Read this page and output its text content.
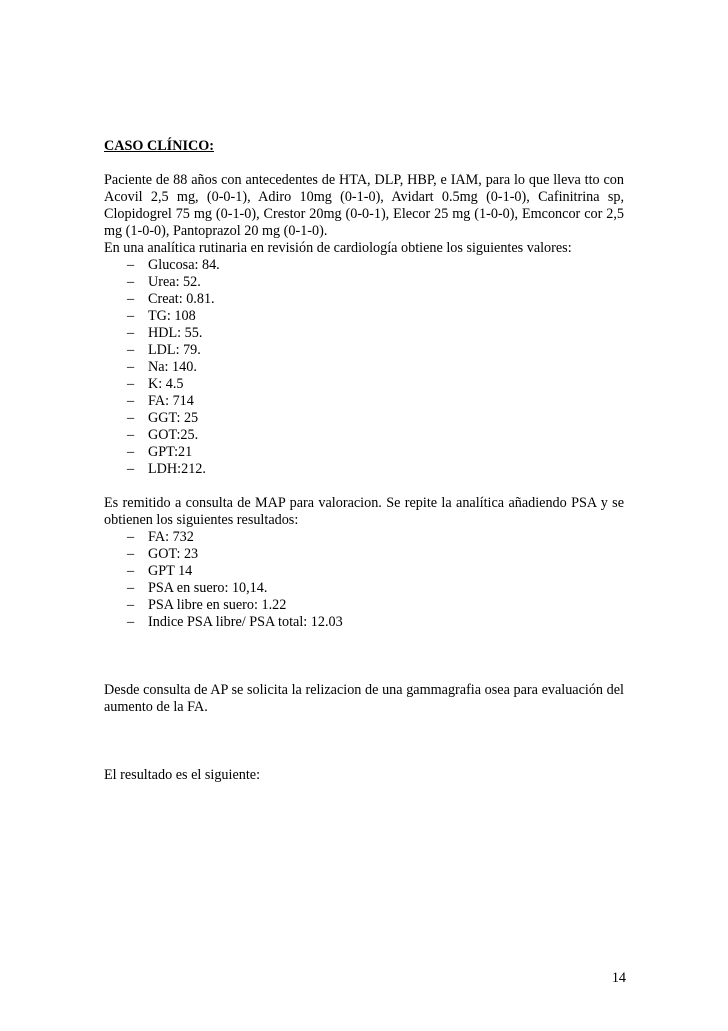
CASO CLÍNICO:

Paciente de 88 años con antecedentes de HTA, DLP, HBP, e IAM, para lo que lleva tto con Acovil 2,5 mg, (0-0-1), Adiro 10mg (0-1-0), Avidart 0.5mg (0-1-0), Cafinitrina sp, Clopidogrel 75 mg (0-1-0), Crestor 20mg (0-0-1), Elecor 25 mg (1-0-0), Emconcor cor 2,5 mg (1-0-0), Pantoprazol 20 mg (0-1-0).

En una analítica rutinaria en revisión de cardiología obtiene los siguientes valores:

– Glucosa: 84.
– Urea: 52.
– Creat: 0.81.
– TG: 108
– HDL: 55.
– LDL: 79.
– Na: 140.
– K: 4.5
– FA: 714
– GGT: 25
– GOT:25.
– GPT:21
– LDH:212.

Es remitido a consulta de MAP para valoracion. Se repite la analítica añadiendo PSA y se obtienen los siguientes resultados:

– FA: 732
– GOT: 23
– GPT 14
– PSA en suero: 10,14.
– PSA libre en suero: 1.22
– Indice PSA libre/ PSA total: 12.03

Desde consulta de AP se solicita la relizacion de una gammagrafia osea para evaluación del aumento de la FA.

El resultado es el siguiente:

14
